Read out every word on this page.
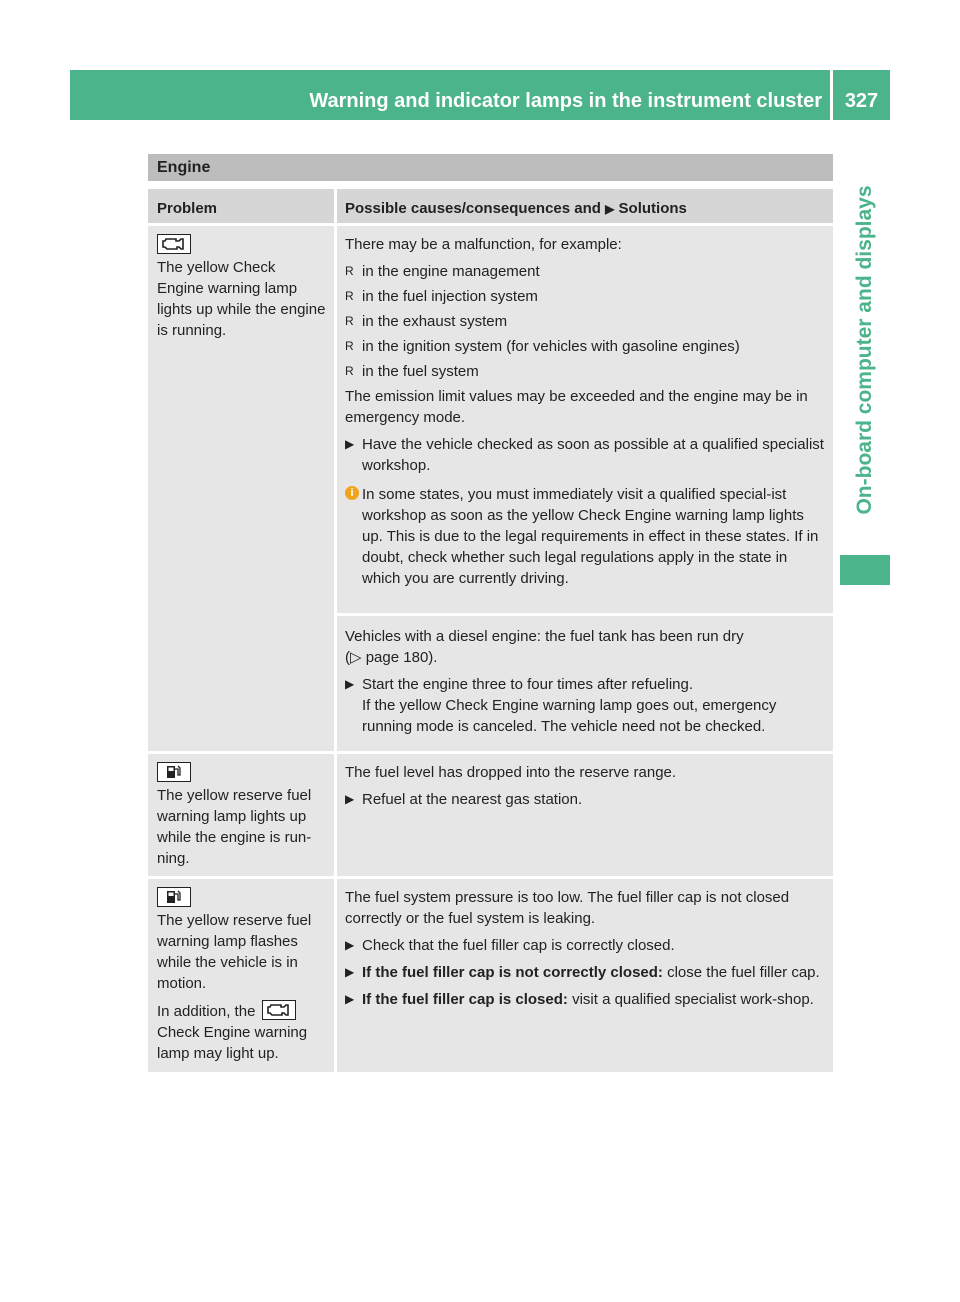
Warning and indicator lamps in the instrument cluster	327
On-board computer and displays
Engine
Problem	Possible causes/consequences and ▶ Solutions
The yellow Check Engine warning lamp lights up while the engine is running.

There may be a malfunction, for example:

R in the engine management
R in the fuel injection system
R in the exhaust system
R in the ignition system (for vehicles with gasoline engines)
R in the fuel system

The emission limit values may be exceeded and the engine may be in emergency mode.

▶ Have the vehicle checked as soon as possible at a qualified specialist workshop.
i In some states, you must immediately visit a qualified special-ist workshop as soon as the yellow Check Engine warning lamp lights up. This is due to the legal requirements in effect in these states. If in doubt, check whether such legal regulations apply in the state in which you are currently driving.

Vehicles with a diesel engine: the fuel tank has been run dry
(▷ page 180).

▶ Start the engine three to four times after refueling.
If the yellow Check Engine warning lamp goes out, emergency running mode is canceled. The vehicle need not be checked.
The yellow reserve fuel warning lamp lights up while the engine is run-ning.

The fuel level has dropped into the reserve range.

▶ Refuel at the nearest gas station.
The yellow reserve fuel warning lamp flashes while the vehicle is in motion.
In addition, the
Check Engine warning lamp may light up.

The fuel system pressure is too low. The fuel filler cap is not closed correctly or the fuel system is leaking.

▶ Check that the fuel filler cap is correctly closed.
▶ If the fuel filler cap is not correctly closed: close the fuel filler cap.
▶ If the fuel filler cap is closed: visit a qualified specialist work-shop.
